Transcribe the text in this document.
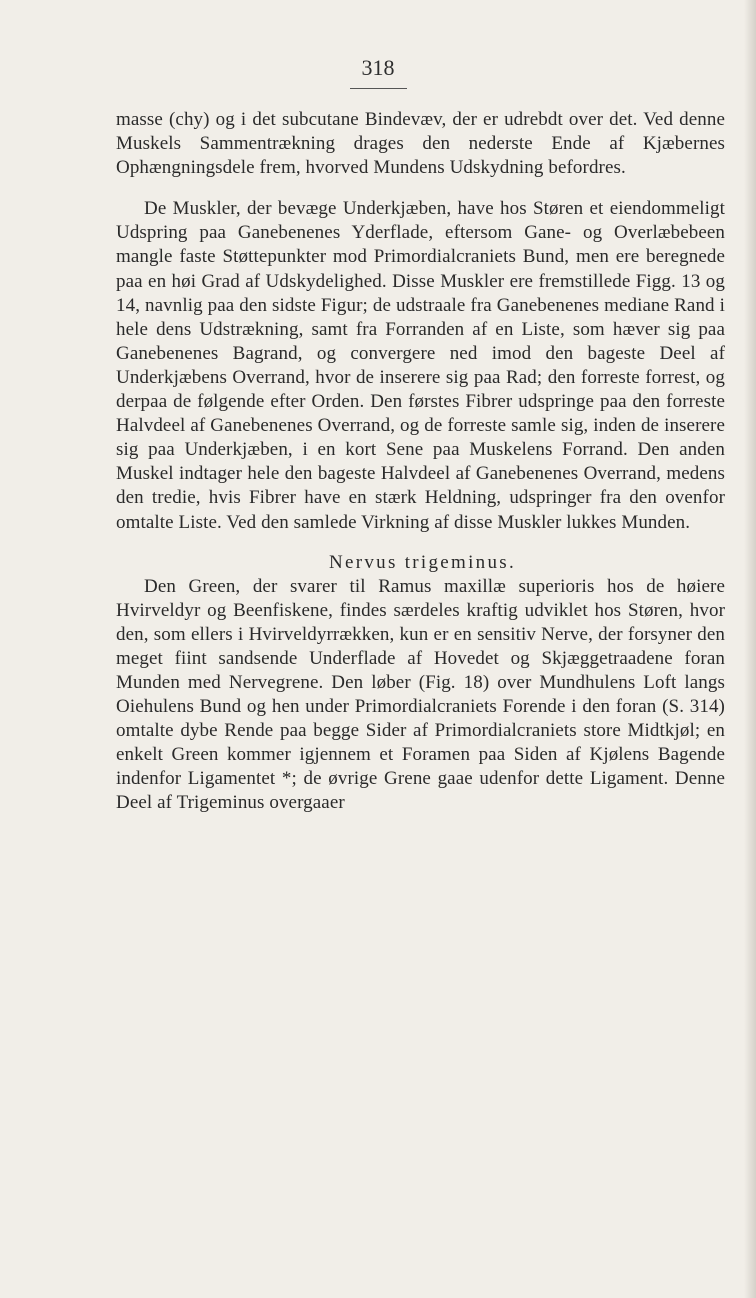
318

masse (chy) og i det subcutane Bindevæv, der er udrebdt over det. Ved denne Muskels Sammentrækning drages den nederste Ende af Kjæbernes Ophængningsdele frem, hvorved Mundens Udskydning befordres.

De Muskler, der bevæge Underkjæben, have hos Støren et eiendommeligt Udspring paa Ganebenenes Yderflade, eftersom Gane- og Overlæbebeen mangle faste Støttepunkter mod Primordialcraniets Bund, men ere beregnede paa en høi Grad af Udskydelighed. Disse Muskler ere fremstillede Figg. 13 og 14, navnlig paa den sidste Figur; de udstraale fra Ganebenenes mediane Rand i hele dens Udstrækning, samt fra Forranden af en Liste, som hæver sig paa Ganebenenes Bagrand, og convergere ned imod den bageste Deel af Underkjæbens Overrand, hvor de inserere sig paa Rad; den forreste forrest, og derpaa de følgende efter Orden. Den førstes Fibrer udspringe paa den forreste Halvdeel af Ganebenenes Overrand, og de forreste samle sig, inden de inserere sig paa Underkjæben, i en kort Sene paa Muskelens Forrand. Den anden Muskel indtager hele den bageste Halvdeel af Ganebenenes Overrand, medens den tredie, hvis Fibrer have en stærk Heldning, udspringer fra den ovenfor omtalte Liste. Ved den samlede Virkning af disse Muskler lukkes Munden.

Nervus trigeminus.

Den Green, der svarer til Ramus maxillæ superioris hos de høiere Hvirveldyr og Beenfiskene, findes særdeles kraftig udviklet hos Støren, hvor den, som ellers i Hvirveldyrrækken, kun er en sensitiv Nerve, der forsyner den meget fiint sandsende Underflade af Hovedet og Skjæggetraadene foran Munden med Nervegrene. Den løber (Fig. 18) over Mundhulens Loft langs Oiehulens Bund og hen under Primordialcraniets Forende i den foran (S. 314) omtalte dybe Rende paa begge Sider af Primordialcraniets store Midtkjøl; en enkelt Green kommer igjennem et Foramen paa Siden af Kjølens Bagende indenfor Ligamentet *; de øvrige Grene gaae udenfor dette Ligament. Denne Deel af Trigeminus overgaaer
